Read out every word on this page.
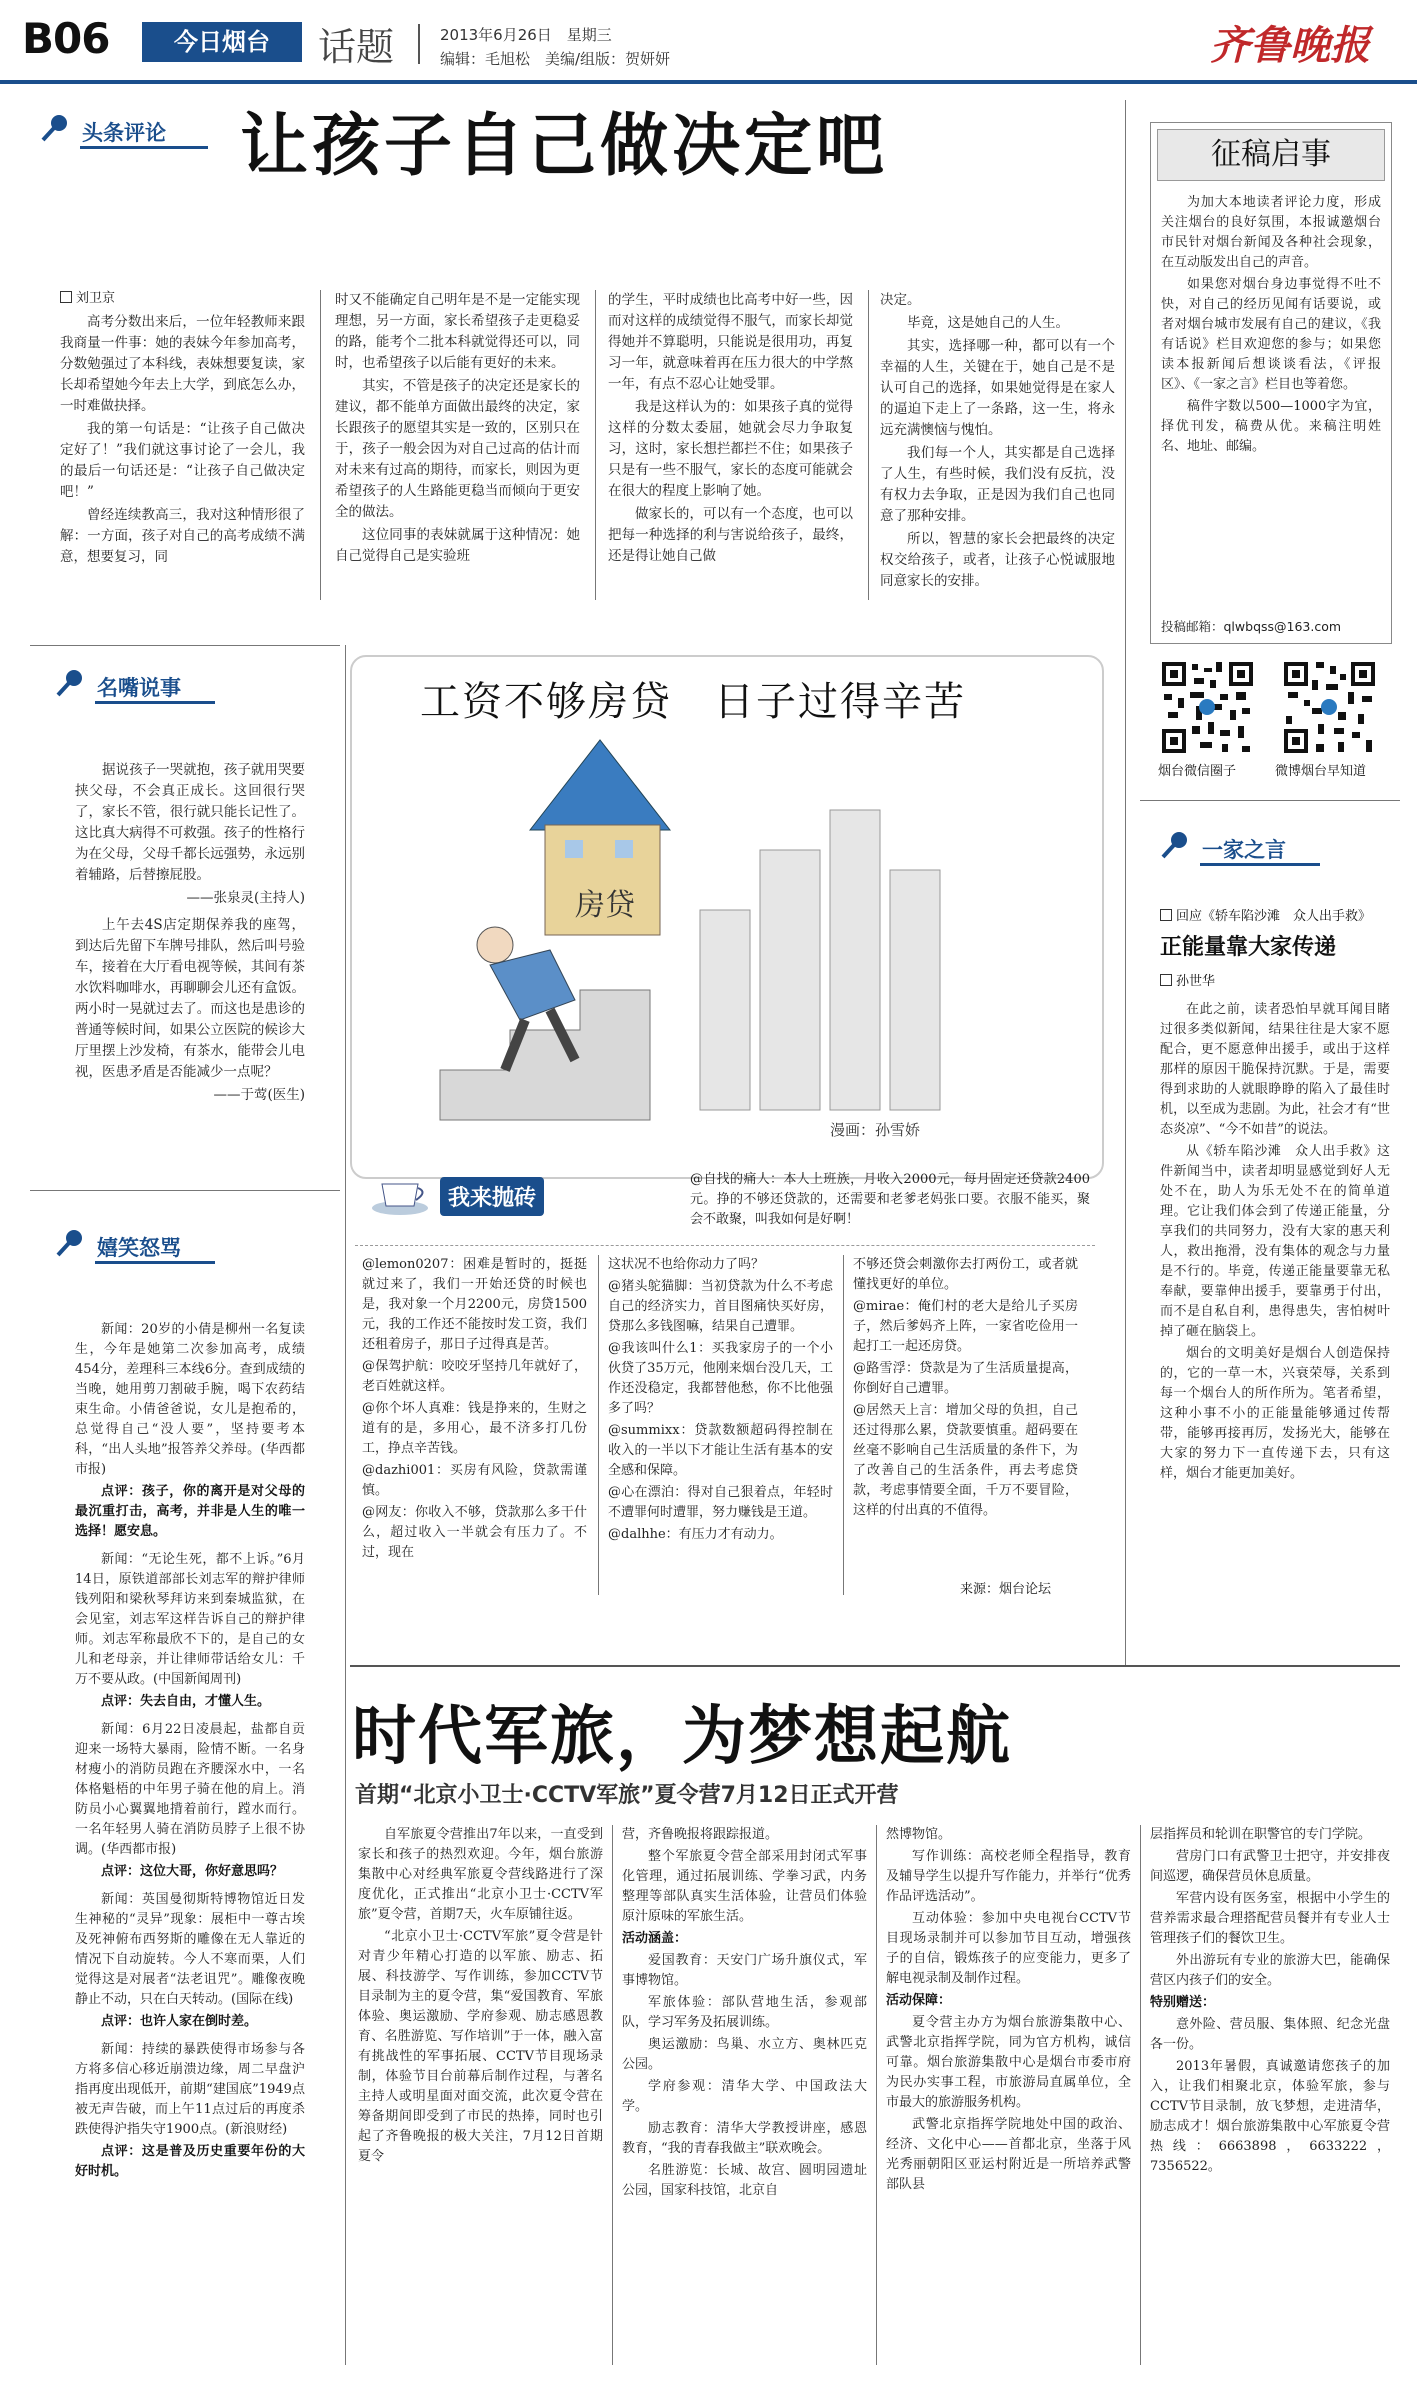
B06	今日烟台	话题	2013年6月26日　星期三
编辑：毛旭松　美编/组版：贺妍妍	齐鲁晚报
头条评论 让孩子自己做决定吧
刘卫京

高考分数出来后，一位年轻教师来跟我商量一件事：她的表妹今年参加高考，分数勉强过了本科线，表妹想要复读，家长却希望她今年去上大学，到底怎么办，一时难做抉择。

我的第一句话是：“让孩子自己做决定好了！”我们就这事讨论了一会儿，我的最后一句话还是：“让孩子自己做决定吧！”

曾经连续教高三，我对这种情形很了解：一方面，孩子对自己的高考成绩不满意，想要复习，同

时又不能确定自己明年是不是一定能实现理想，另一方面，家长希望孩子走更稳妥的路，能考个二批本科就觉得还可以，同时，也希望孩子以后能有更好的未来。

其实，不管是孩子的决定还是家长的建议，都不能单方面做出最终的决定，家长跟孩子的愿望其实是一致的，区别只在于，孩子一般会因为对自己过高的估计而对未来有过高的期待，而家长，则因为更希望孩子的人生路能更稳当而倾向于更安全的做法。

这位同事的表妹就属于这种情况：她自己觉得自己是实验班

的学生，平时成绩也比高考中好一些，因而对这样的成绩觉得不服气，而家长却觉得她并不算聪明，只能说是很用功，再复习一年，就意味着再在压力很大的中学熬一年，有点不忍心让她受罪。

我是这样认为的：如果孩子真的觉得这样的分数太委屈，她就会尽力争取复习，这时，家长想拦都拦不住；如果孩子只是有一些不服气，家长的态度可能就会在很大的程度上影响了她。

做家长的，可以有一个态度，也可以把每一种选择的利与害说给孩子，最终，还是得让她自己做

决定。

毕竟，这是她自己的人生。

其实，选择哪一种，都可以有一个幸福的人生，关键在于，她自己是不是认可自己的选择，如果她觉得是在家人的逼迫下走上了一条路，这一生，将永远充满懊恼与愧怕。

我们每一个人，其实都是自己选择了人生，有些时候，我们没有反抗，没有权力去争取，正是因为我们自己也同意了那种安排。

所以，智慧的家长会把最终的决定权交给孩子，或者，让孩子心悦诚服地同意家长的安排。

征稿启事

为加大本地读者评论力度，形成关注烟台的良好氛围，本报诚邀烟台市民针对烟台新闻及各种社会现象，在互动版发出自己的声音。

如果您对烟台身边事觉得不吐不快，对自己的经历见闻有话要说，或者对烟台城市发展有自己的建议，《我有话说》栏目欢迎您的参与；如果您读本报新闻后想谈谈看法，《评报区》、《一家之言》栏目也等着您。

稿件字数以500—1000字为宜，择优刊发，稿费从优。来稿注明姓名、地址、邮编。

投稿邮箱：qlwbqss@163.com
烟台微信圈子	微博烟台早知道
名嘴说事

据说孩子一哭就抱，孩子就用哭要挟父母，不会真正成长。这回很行哭了，家长不管，很行就只能长记性了。这比真大病得不可救强。孩子的性格行为在父母，父母千都长远强势，永远别着辅路，后替擦屁股。

——张泉灵(主持人)

上午去4S店定期保养我的座驾，到达后先留下车牌号排队，然后叫号验车，接着在大厅看电视等候，其间有茶水饮料咖啡水，再聊聊会儿还有盒饭。两小时一晃就过去了。而这也是患诊的普通等候时间，如果公立医院的候诊大厅里摆上沙发椅，有茶水，能带会儿电视，医患矛盾是否能减少一点呢？

——于莺(医生)
嬉笑怒骂

新闻：20岁的小倩是柳州一名复读生，今年是她第二次参加高考，成绩454分，差理科三本线6分。查到成绩的当晚，她用剪刀割破手腕，喝下农药结束生命。小倩爸爸说，女儿是抱希的，总觉得自己“没人要”，坚持要考本科，“出人头地”报答养父养母。(华西都市报)

点评：孩子，你的离开是对父母的最沉重打击，高考，并非是人生的唯一选择！愿安息。

新闻：“无论生死，都不上诉。”6月14日，原铁道部部长刘志军的辩护律师钱列阳和梁秋琴拜访来到秦城监狱，在会见室，刘志军这样告诉自己的辩护律师。刘志军称最欣不下的，是自己的女儿和老母亲，并让律师带话给女儿：千万不要从政。(中国新闻周刊)

点评：失去自由，才懂人生。

新闻：6月22日凌晨起，盐都自贡迎来一场特大暴雨，险情不断。一名身材瘦小的消防员跑在齐腰深水中，一名体格魁梧的中年男子骑在他的肩上。消防员小心翼翼地揹着前行，蹚水而行。一名年轻男人骑在消防员脖子上很不协调。(华西都市报)

点评：这位大哥，你好意思吗？

新闻：英国曼彻斯特博物馆近日发生神秘的“灵异”现象：展柜中一尊古埃及死神俯布西努斯的雕像在无人靠近的情况下自动旋转。今人不寒而栗，人们觉得这是对展者“法老诅咒”。雕像夜晚静止不动，只在白天转动。(国际在线)

点评：也许人家在倒时差。

新闻：持续的暴跌使得市场参与各方将多信心移近崩溃边缘，周二早盘沪指再度出现低开，前期“建国底”1949点被无声告破，而上午11点过后的再度杀跌使得沪指失守1900点。(新浪财经)

点评：这是普及历史重要年份的大好时机。

工资不够房贷　日子过得辛苦
房贷
漫画：孙雪娇
我来抛砖
@自找的痛人：本人上班族，月收入2000元，每月固定还贷款2400元。挣的不够还贷款的，还需要和老爹老妈张口要。衣服不能买，聚会不敢聚，叫我如何是好啊！

@lemon0207：困难是暂时的，挺挺就过来了，我们一开始还贷的时候也是，我对象一个月2200元，房贷1500元，我的工作还不能按时发工资，我们还租着房子，那日子过得真是苦。

@保驾护航：咬咬牙坚持几年就好了，老百姓就这样。

@你个坏人真难：钱是挣来的，生财之道有的是，多用心，最不济多打几份工，挣点辛苦钱。

@dazhi001：买房有风险，贷款需谨慎。

@网友：你收入不够，贷款那么多干什么，超过收入一半就会有压力了。不过，现在

这状况不也给你动力了吗？

@猪头鸵猫脚：当初贷款为什么不考虑自己的经济实力，首目图痛快买好房，贷那么多钱图嘛，结果自己遭罪。

@我该叫什么1：买我家房子的一个小伙贷了35万元，他刚来烟台没几天，工作还没稳定，我都替他愁，你不比他强多了吗？

@summixx：贷款数额超码得控制在收入的一半以下才能让生活有基本的安全感和保障。

@心在漂泊：得对自己狠着点，年轻时不遭罪何时遭罪，努力赚钱是王道。

@dalhhe：有压力才有动力。

不够还贷会刺激你去打两份工，或者就懂找更好的单位。

@mirae：俺们村的老大是给儿子买房子，然后爹妈齐上阵，一家省吃俭用一起打工一起还房贷。

@路雪浮：贷款是为了生活质量提高，你倒好自己遭罪。

@居然天上言：增加父母的负担，自己还过得那么累，贷款要慎重。超码要在丝毫不影响自己生活质量的条件下，为了改善自己的生活条件，再去考虑贷款，考虑事情要全面，千万不要冒险，这样的付出真的不值得。

来源：烟台论坛
一家之言
回应《轿车陷沙滩　众人出手救》
正能量靠大家传递
孙世华

在此之前，读者恐怕早就耳闻目睹过很多类似新闻，结果往往是大家不愿配合，更不愿意伸出援手，或出于这样那样的原因干脆保持沉默。于是，需要得到求助的人就眼睁睁的陷入了最佳时机，以至成为悲剧。为此，社会才有“世态炎凉”、“今不如昔”的说法。

从《轿车陷沙滩　众人出手救》这件新闻当中，读者却明显感觉到好人无处不在，助人为乐无处不在的简单道理。它让我们体会到了传递正能量，分享我们的共同努力，没有大家的惠天利人，救出拖滑，没有集体的观念与力量是不行的。毕竟，传递正能量要靠无私奉献，要靠伸出援手，要靠勇于付出，而不是自私自利，患得患失，害怕树叶掉了砸在脑袋上。

烟台的文明美好是烟台人创造保持的，它的一草一木，兴衰荣辱，关系到每一个烟台人的所作所为。笔者希望，这种小事不小的正能量能够通过传帮带，能够再接再厉，发扬光大，能够在大家的努力下一直传递下去，只有这样，烟台才能更加美好。

时代军旅，为梦想起航
首期“北京小卫士·CCTV军旅”夏令营7月12日正式开营

自军旅夏令营推出7年以来，一直受到家长和孩子的热烈欢迎。今年，烟台旅游集散中心对经典军旅夏令营线路进行了深度优化，正式推出“北京小卫士·CCTV军旅”夏令营，首期7天，火车原铺往返。

“北京小卫士·CCTV军旅”夏令营是针对青少年精心打造的以军旅、励志、拓展、科技游学、写作训练，参加CCTV节目录制为主的夏令营，集“爱国教育、军旅体验、奥运激励、学府参观、励志感恩教育、名胜游览、写作培训”于一体，融入富有挑战性的军事拓展、CCTV节目现场录制，体验节目台前幕后制作过程，与著名主持人或明星面对面交流，此次夏令营在筹备期间即受到了市民的热捧，同时也引起了齐鲁晚报的极大关注，7月12日首期夏令

营，齐鲁晚报将跟踪报道。

整个军旅夏令营全部采用封闭式军事化管理，通过拓展训练、学拳习武，内务整理等部队真实生活体验，让营员们体验原汁原味的军旅生活。

活动涵盖：

爱国教育：天安门广场升旗仪式，军事博物馆。

军旅体验：部队营地生活，参观部队，学习军务及拓展训练。

奥运激励：鸟巢、水立方、奥林匹克公园。

学府参观：清华大学、中国政法大学。

励志教育：清华大学教授讲座，感恩教育，“我的青春我做主”联欢晚会。

名胜游览：长城、故宫、圆明园遗址公园，国家科技馆，北京自

然博物馆。

写作训练：高校老师全程指导，教育及辅导学生以提升写作能力，并举行“优秀作品评选活动”。

互动体验：参加中央电视台CCTV节目现场录制并可以参加节目互动，增强孩子的自信，锻炼孩子的应变能力，更多了解电视录制及制作过程。

活动保障：

夏令营主办方为烟台旅游集散中心、武警北京指挥学院，同为官方机构，诚信可靠。烟台旅游集散中心是烟台市委市府为民办实事工程，市旅游局直属单位，全市最大的旅游服务机构。

武警北京指挥学院地处中国的政治、经济、文化中心——首都北京，坐落于风光秀丽朝阳区亚运村附近是一所培养武警部队县

层指挥员和轮训在职警官的专门学院。

营房门口有武警卫士把守，并安排夜间巡逻，确保营员休息质量。

军营内设有医务室，根据中小学生的营养需求最合理搭配营员餐并有专业人士管理孩子们的餐饮卫生。

外出游玩有专业的旅游大巴，能确保营区内孩子们的安全。

特别赠送：

意外险、营员服、集体照、纪念光盘各一份。

2013年暑假，真诚邀请您孩子的加入，让我们相聚北京，体验军旅，参与CCTV节目录制，放飞梦想，走进清华，励志成才！烟台旅游集散中心军旅夏令营热线：6663898，6633222，7356522。
